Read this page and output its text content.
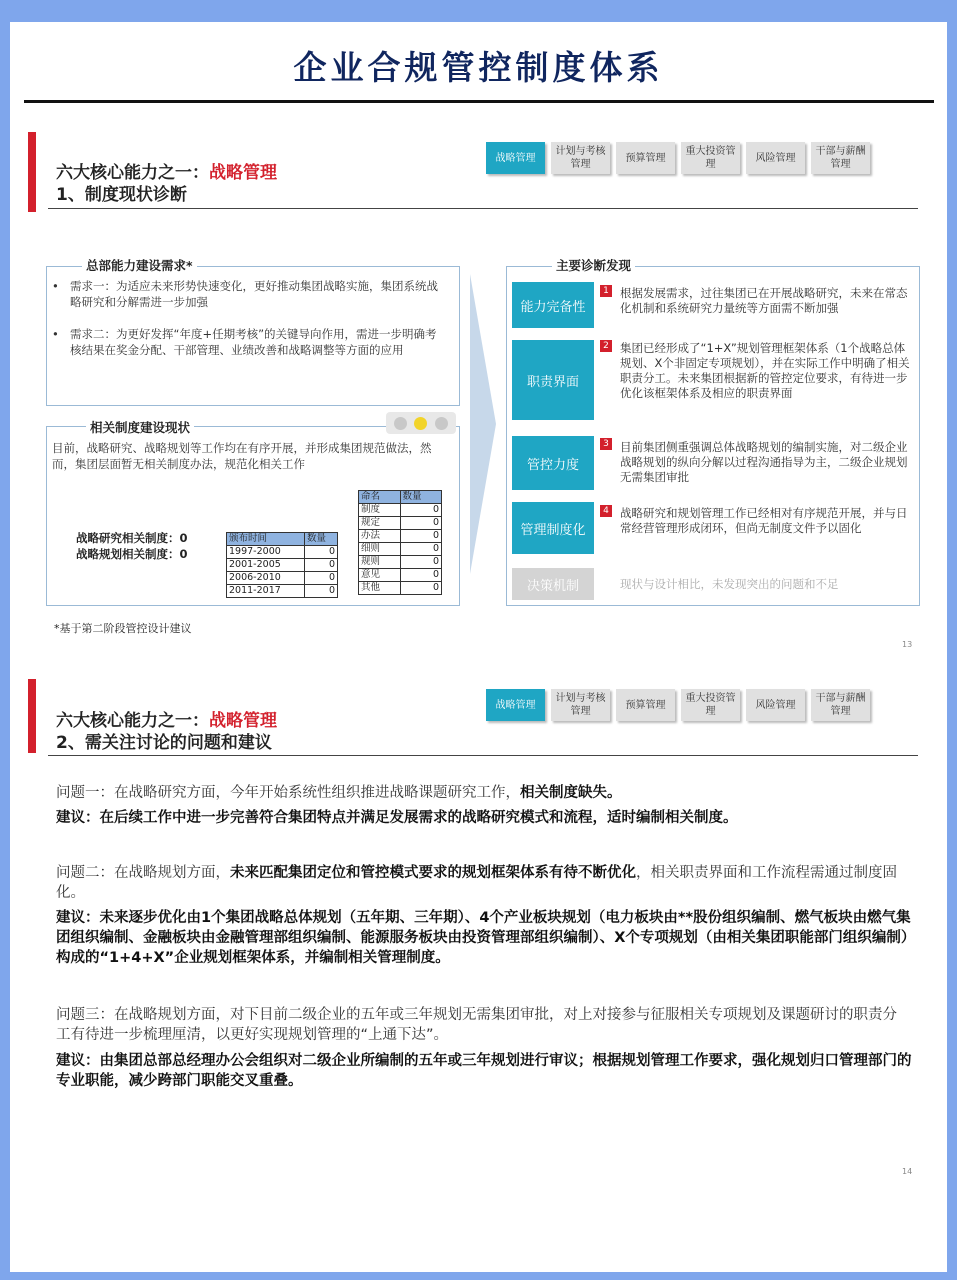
企业合规管控制度体系
六大核心能力之一：战略管理
1、制度现状诊断
战略管理
计划与考核管理
预算管理
重大投资管理
风险管理
干部与薪酬管理
总部能力建设需求*
• 需求一：为适应未来形势快速变化，更好推动集团战略实施，集团系统战略研究和分解需进一步加强
• 需求二：为更好发挥“年度+任期考核”的关键导向作用，需进一步明确考核结果在奖金分配、干部管理、业绩改善和战略调整等方面的应用
相关制度建设现状
目前，战略研究、战略规划等工作均在有序开展，并形成集团规范做法，然而，集团层面暂无相关制度办法，规范化相关工作
战略研究相关制度：0
战略规划相关制度：0
颁布时间	数量
1997-2000	0
2001-2005	0
2006-2010	0
2011-2017	0
命名	数量
制度	0
规定	0
办法	0
细则	0
规则	0
意见	0
其他	0
主要诊断发现
能力完备性
1 根据发展需求，过往集团已在开展战略研究，未来在常态化机制和系统研究力量统等方面需不断加强
职责界面
2 集团已经形成了“1+X”规划管理框架体系（1个战略总体规划、X个非固定专项规划），并在实际工作中明确了相关职责分工。未来集团根据新的管控定位要求，有待进一步优化该框架体系及相应的职责界面
管控力度
3 目前集团侧重强调总体战略规划的编制实施，对二级企业战略规划的纵向分解以过程沟通指导为主，二级企业规划无需集团审批
管理制度化
4 战略研究和规划管理工作已经相对有序规范开展，并与日常经营管理形成闭环，但尚无制度文件予以固化
决策机制	现状与设计相比，未发现突出的问题和不足
*基于第二阶段管控设计建议
13
六大核心能力之一：战略管理
2、需关注讨论的问题和建议
战略管理
计划与考核管理
预算管理
重大投资管理
风险管理
干部与薪酬管理
问题一：在战略研究方面，今年开始系统性组织推进战略课题研究工作，相关制度缺失。
建议：在后续工作中进一步完善符合集团特点并满足发展需求的战略研究模式和流程，适时编制相关制度。
问题二：在战略规划方面，未来匹配集团定位和管控模式要求的规划框架体系有待不断优化，相关职责界面和工作流程需通过制度固化。
建议：未来逐步优化由1个集团战略总体规划（五年期、三年期）、4个产业板块规划（电力板块由**股份组织编制、燃气板块由燃气集团组织编制、金融板块由金融管理部组织编制、能源服务板块由投资管理部组织编制）、X个专项规划（由相关集团职能部门组织编制）构成的“1+4+X”企业规划框架体系，并编制相关管理制度。
问题三：在战略规划方面，对下目前二级企业的五年或三年规划无需集团审批，对上对接参与征服相关专项规划及课题研讨的职责分工有待进一步梳理厘清，以更好实现规划管理的“上通下达”。
建议：由集团总部总经理办公会组织对二级企业所编制的五年或三年规划进行审议；根据规划管理工作要求，强化规划归口管理部门的专业职能，减少跨部门职能交叉重叠。
14
